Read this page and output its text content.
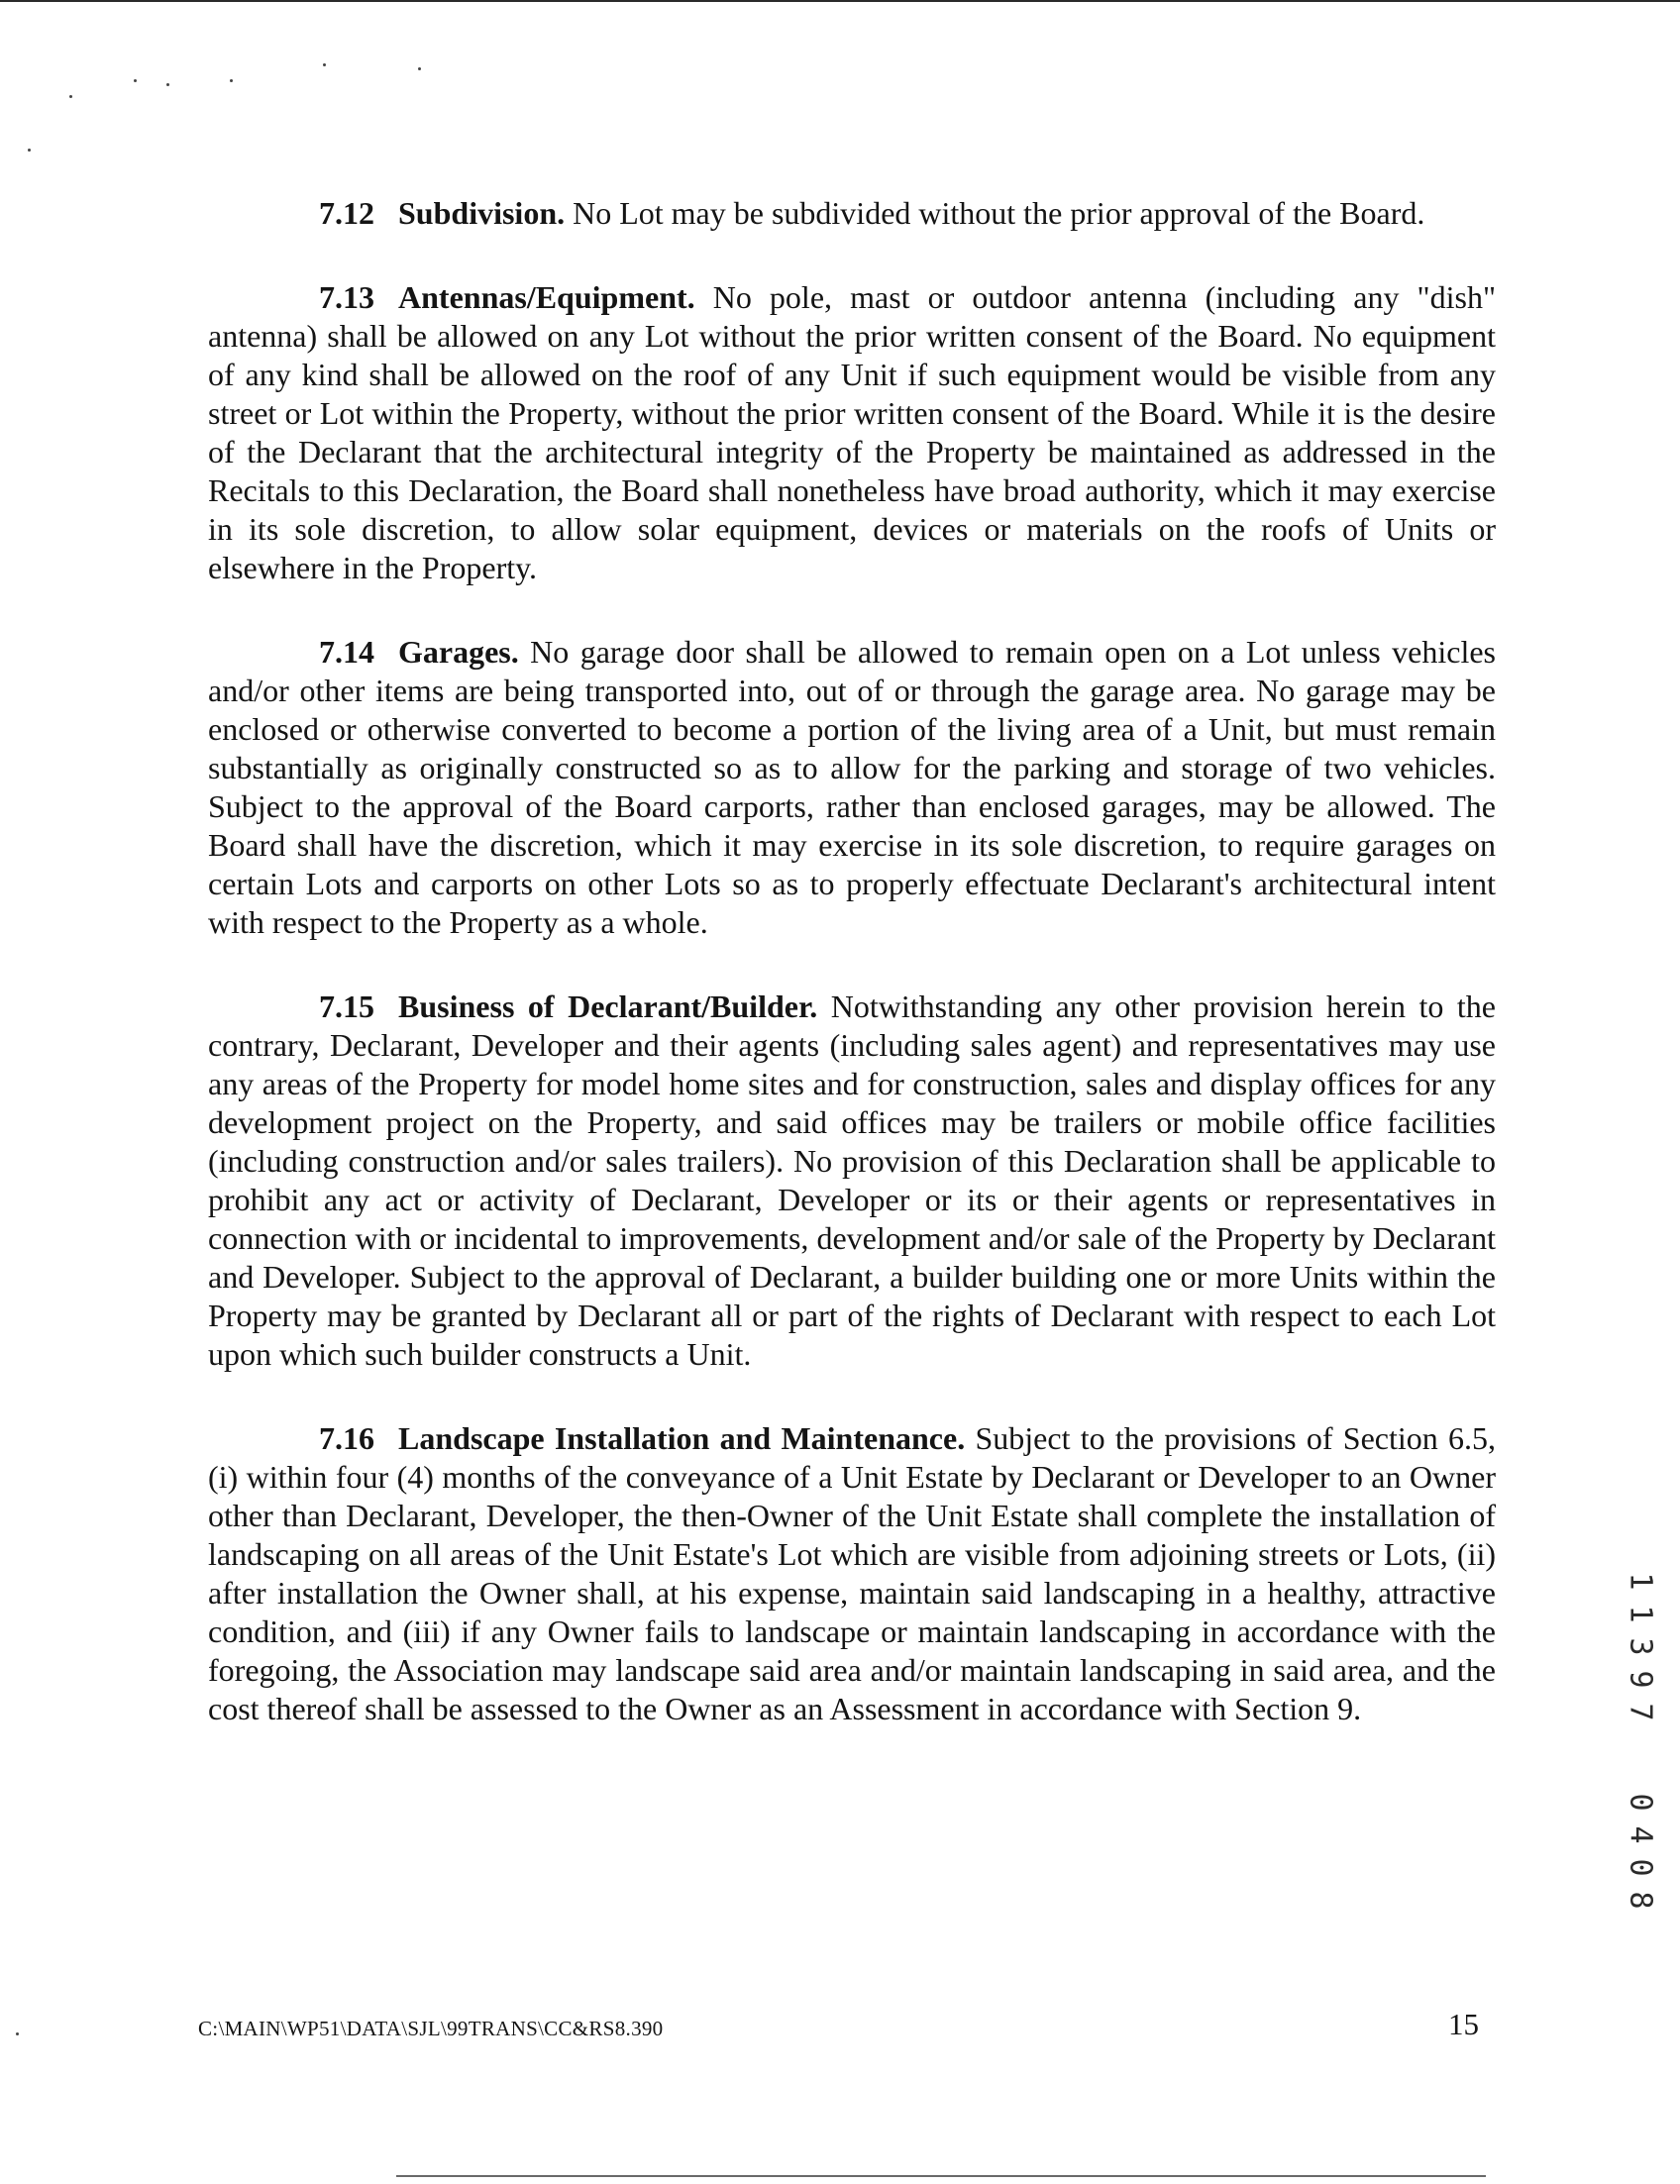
7.12 Subdivision. No Lot may be subdivided without the prior approval of the Board.

7.13 Antennas/Equipment. No pole, mast or outdoor antenna (including any "dish" antenna) shall be allowed on any Lot without the prior written consent of the Board. No equipment of any kind shall be allowed on the roof of any Unit if such equipment would be visible from any street or Lot within the Property, without the prior written consent of the Board. While it is the desire of the Declarant that the architectural integrity of the Property be maintained as addressed in the Recitals to this Declaration, the Board shall nonetheless have broad authority, which it may exercise in its sole discretion, to allow solar equipment, devices or materials on the roofs of Units or elsewhere in the Property.

7.14 Garages. No garage door shall be allowed to remain open on a Lot unless vehicles and/or other items are being transported into, out of or through the garage area. No garage may be enclosed or otherwise converted to become a portion of the living area of a Unit, but must remain substantially as originally constructed so as to allow for the parking and storage of two vehicles. Subject to the approval of the Board carports, rather than enclosed garages, may be allowed. The Board shall have the discretion, which it may exercise in its sole discretion, to require garages on certain Lots and carports on other Lots so as to properly effectuate Declarant's architectural intent with respect to the Property as a whole.

7.15 Business of Declarant/Builder. Notwithstanding any other provision herein to the contrary, Declarant, Developer and their agents (including sales agent) and representatives may use any areas of the Property for model home sites and for construction, sales and display offices for any development project on the Property, and said offices may be trailers or mobile office facilities (including construction and/or sales trailers). No provision of this Declaration shall be applicable to prohibit any act or activity of Declarant, Developer or its or their agents or representatives in connection with or incidental to improvements, development and/or sale of the Property by Declarant and Developer. Subject to the approval of Declarant, a builder building one or more Units within the Property may be granted by Declarant all or part of the rights of Declarant with respect to each Lot upon which such builder constructs a Unit.

7.16 Landscape Installation and Maintenance. Subject to the provisions of Section 6.5,(i) within four (4) months of the conveyance of a Unit Estate by Declarant or Developer to an Owner other than Declarant, Developer, the then-Owner of the Unit Estate shall complete the installation of landscaping on all areas of the Unit Estate's Lot which are visible from adjoining streets or Lots, (ii) after installation the Owner shall, at his expense, maintain said landscaping in a healthy, attractive condition, and (iii) if any Owner fails to landscape or maintain landscaping in accordance with the foregoing, the Association may landscape said area and/or maintain landscaping in said area, and the cost thereof shall be assessed to the Owner as an Assessment in accordance with Section 9.

1
1
3
9
7
0
4
0
8
C:\MAIN\WP51\DATA\SJL\99TRANS\CC&RS8.390	15
